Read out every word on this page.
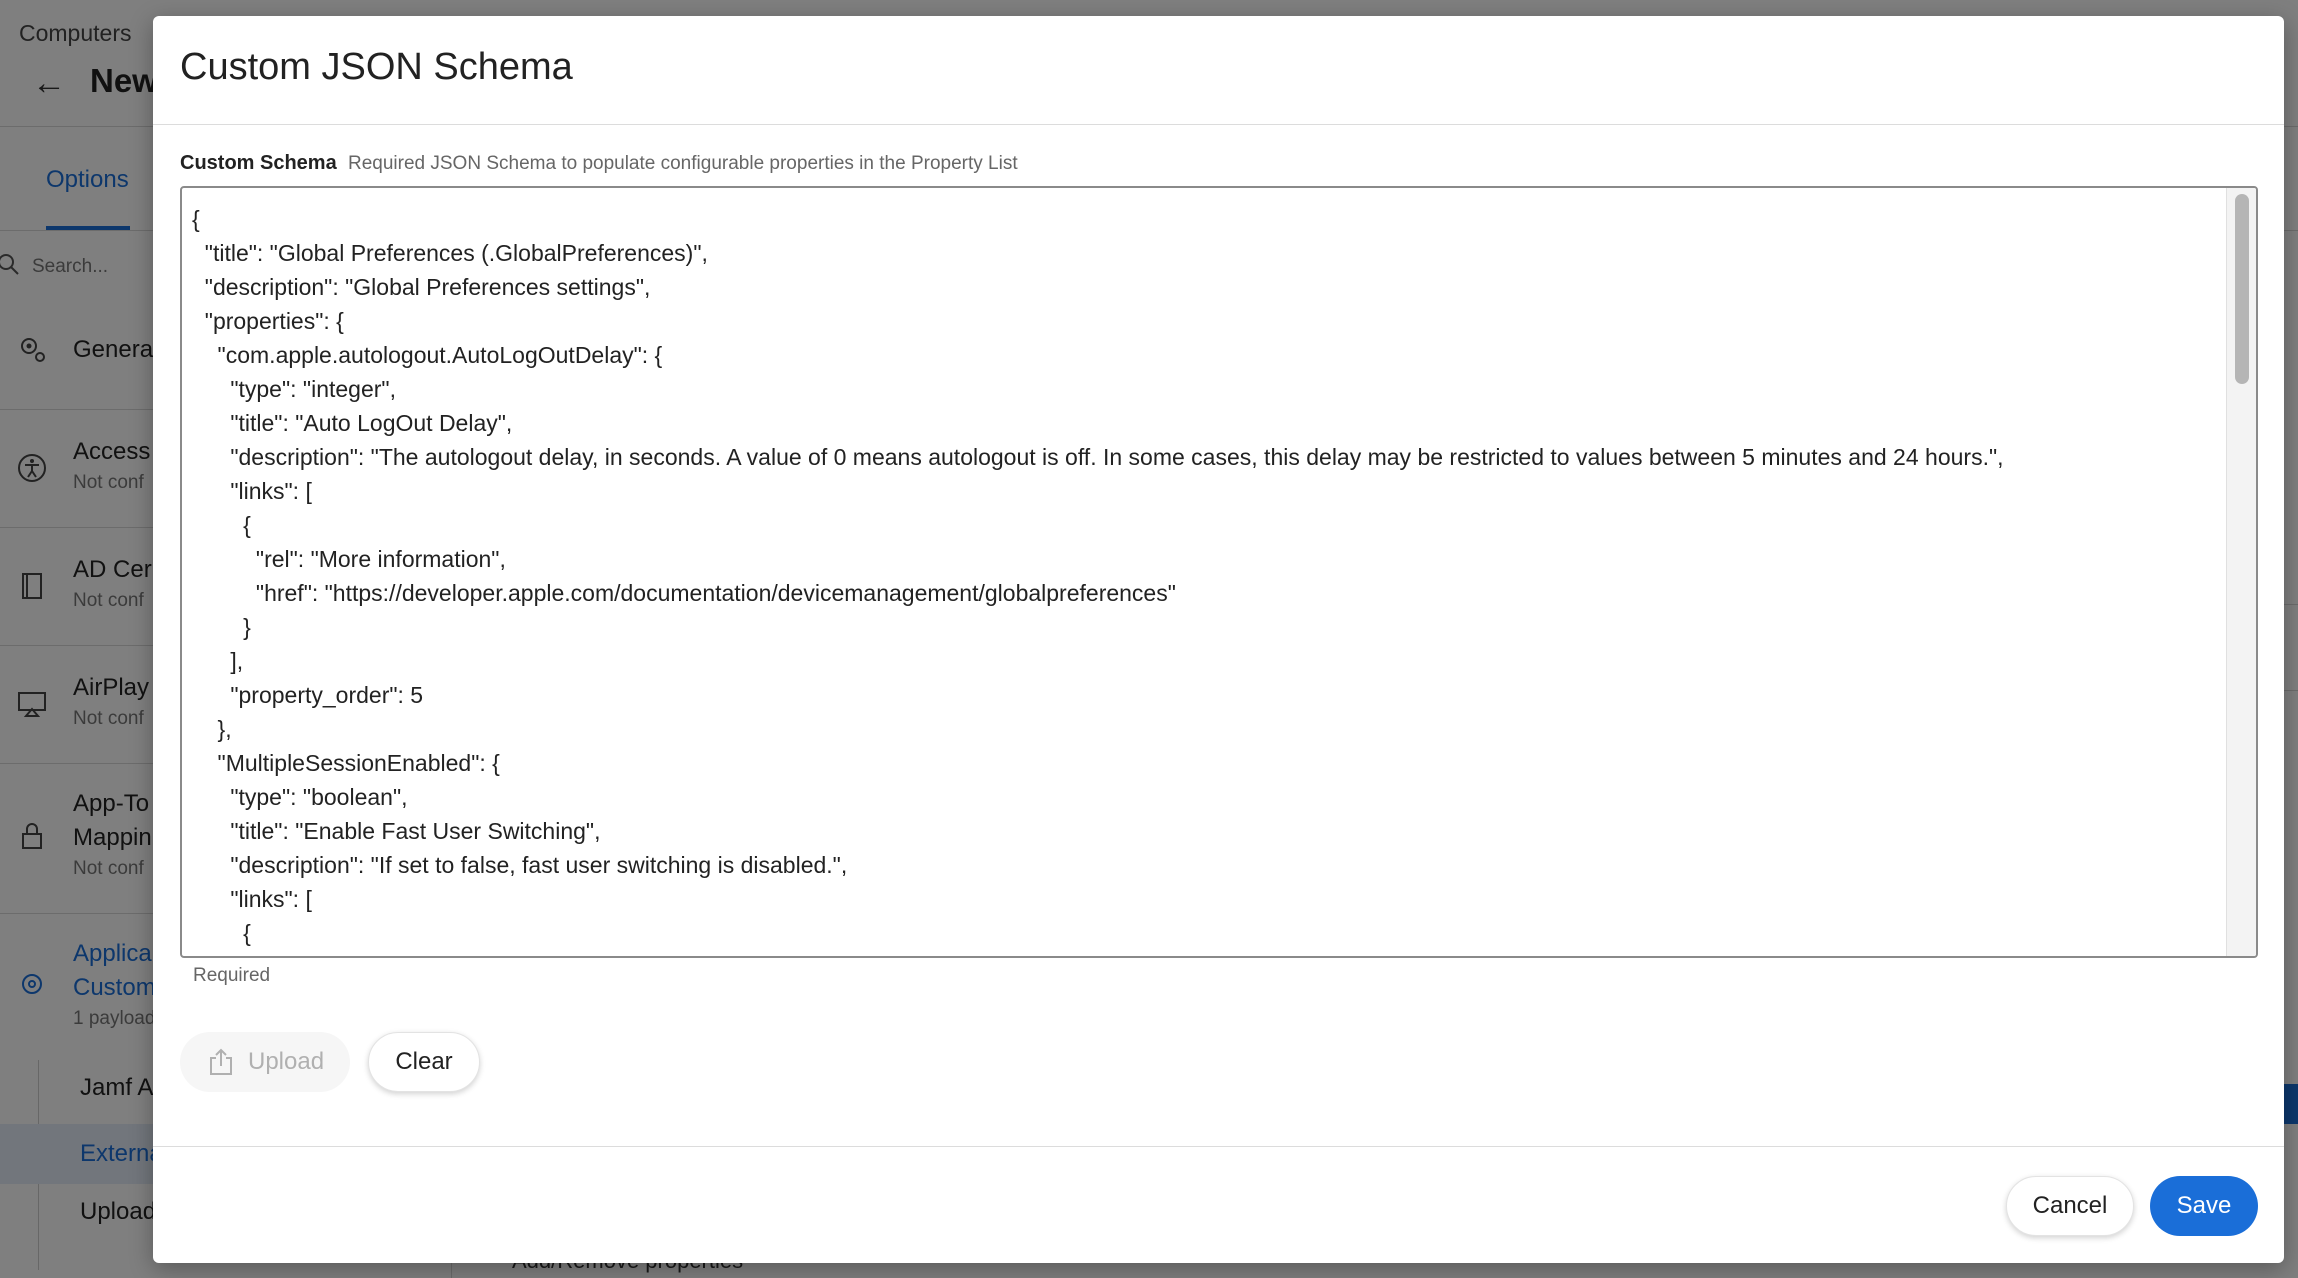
Custom JSON Schema
Custom Schema Required JSON Schema to populate configurable properties in the Property List
{
"title": "Global Preferences (.GlobalPreferences)",
"description": "Global Preferences settings",
"properties": {
"com.apple.autologout.AutoLogOutDelay": {
"type": "integer",
"title": "Auto LogOut Delay",
"description": "The autologout delay, in seconds. A value of 0 means autologout is off. In some cases, this delay may be restricted to values between 5 minutes and 24 hours.",
"links": [
{
"rel": "More information",
"href": "https://developer.apple.com/documentation/devicemanagement/globalpreferences"
}
],
"property_order": 5
},
"MultipleSessionEnabled": {
"type": "boolean",
"title": "Enable Fast User Switching",
"description": "If set to false, fast user switching is disabled.",
"links": [
{
Required
Upload	Clear
Cancel	Save
